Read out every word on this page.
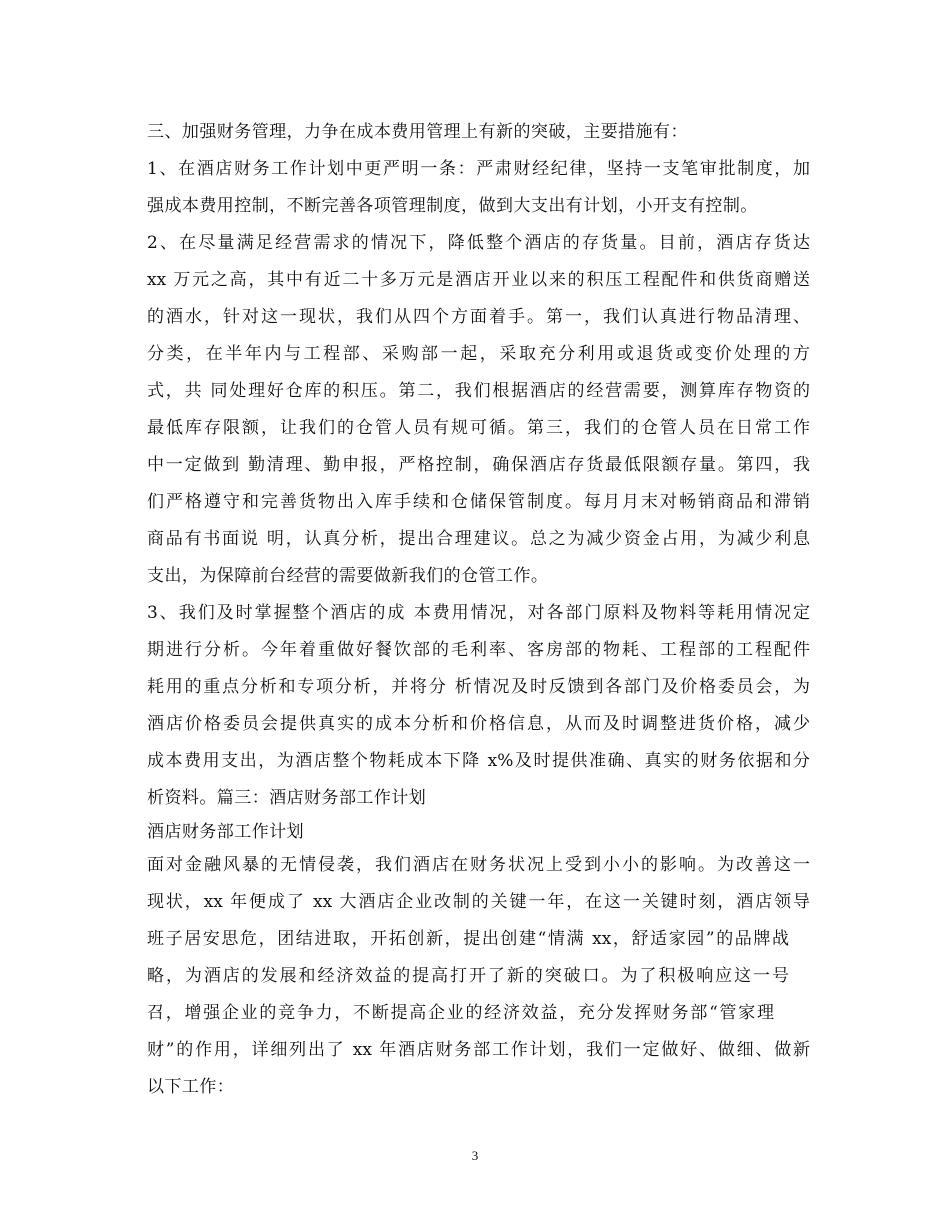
三、加强财务管理，力争在成本费用管理上有新的突破，主要措施有：
1、在酒店财务工作计划中更严明一条：严肃财经纪律，坚持一支笔审批制度，加
强成本费用控制，不断完善各项管理制度，做到大支出有计划，小开支有控制。
2、在尽量满足经营需求的情况下，降低整个酒店的存货量。目前，酒店存货达
xx 万元之高，其中有近二十多万元是酒店开业以来的积压工程配件和供货商赠送
的酒水，针对这一现状，我们从四个方面着手。第一，我们认真进行物品清理、
分类，在半年内与工程部、采购部一起，采取充分利用或退货或变价处理的方
式，共 同处理好仓库的积压。第二，我们根据酒店的经营需要，测算库存物资的
最低库存限额，让我们的仓管人员有规可循。第三，我们的仓管人员在日常工作
中一定做到 勤清理、勤申报，严格控制，确保酒店存货最低限额存量。第四，我
们严格遵守和完善货物出入库手续和仓储保管制度。每月月末对畅销商品和滞销
商品有书面说 明，认真分析，提出合理建议。总之为减少资金占用，为减少利息
支出，为保障前台经营的需要做新我们的仓管工作。
3、我们及时掌握整个酒店的成 本费用情况，对各部门原料及物料等耗用情况定
期进行分析。今年着重做好餐饮部的毛利率、客房部的物耗、工程部的工程配件
耗用的重点分析和专项分析，并将分 析情况及时反馈到各部门及价格委员会，为
酒店价格委员会提供真实的成本分析和价格信息，从而及时调整进货价格，减少
成本费用支出，为酒店整个物耗成本下降 x%及时提供准确、真实的财务依据和分
析资料。篇三：酒店财务部工作计划
酒店财务部工作计划
面对金融风暴的无情侵袭，我们酒店在财务状况上受到小小的影响。为改善这一
现状，xx 年便成了 xx 大酒店企业改制的关键一年，在这一关键时刻，酒店领导
班子居安思危，团结进取，开拓创新，提出创建“情满 xx，舒适家园”的品牌战
略，为酒店的发展和经济效益的提高打开了新的突破口。为了积极响应这一号
召，增强企业的竞争力，不断提高企业的经济效益，充分发挥财务部“管家理
财”的作用，详细列出了 xx 年酒店财务部工作计划，我们一定做好、做细、做新
以下工作：
3
